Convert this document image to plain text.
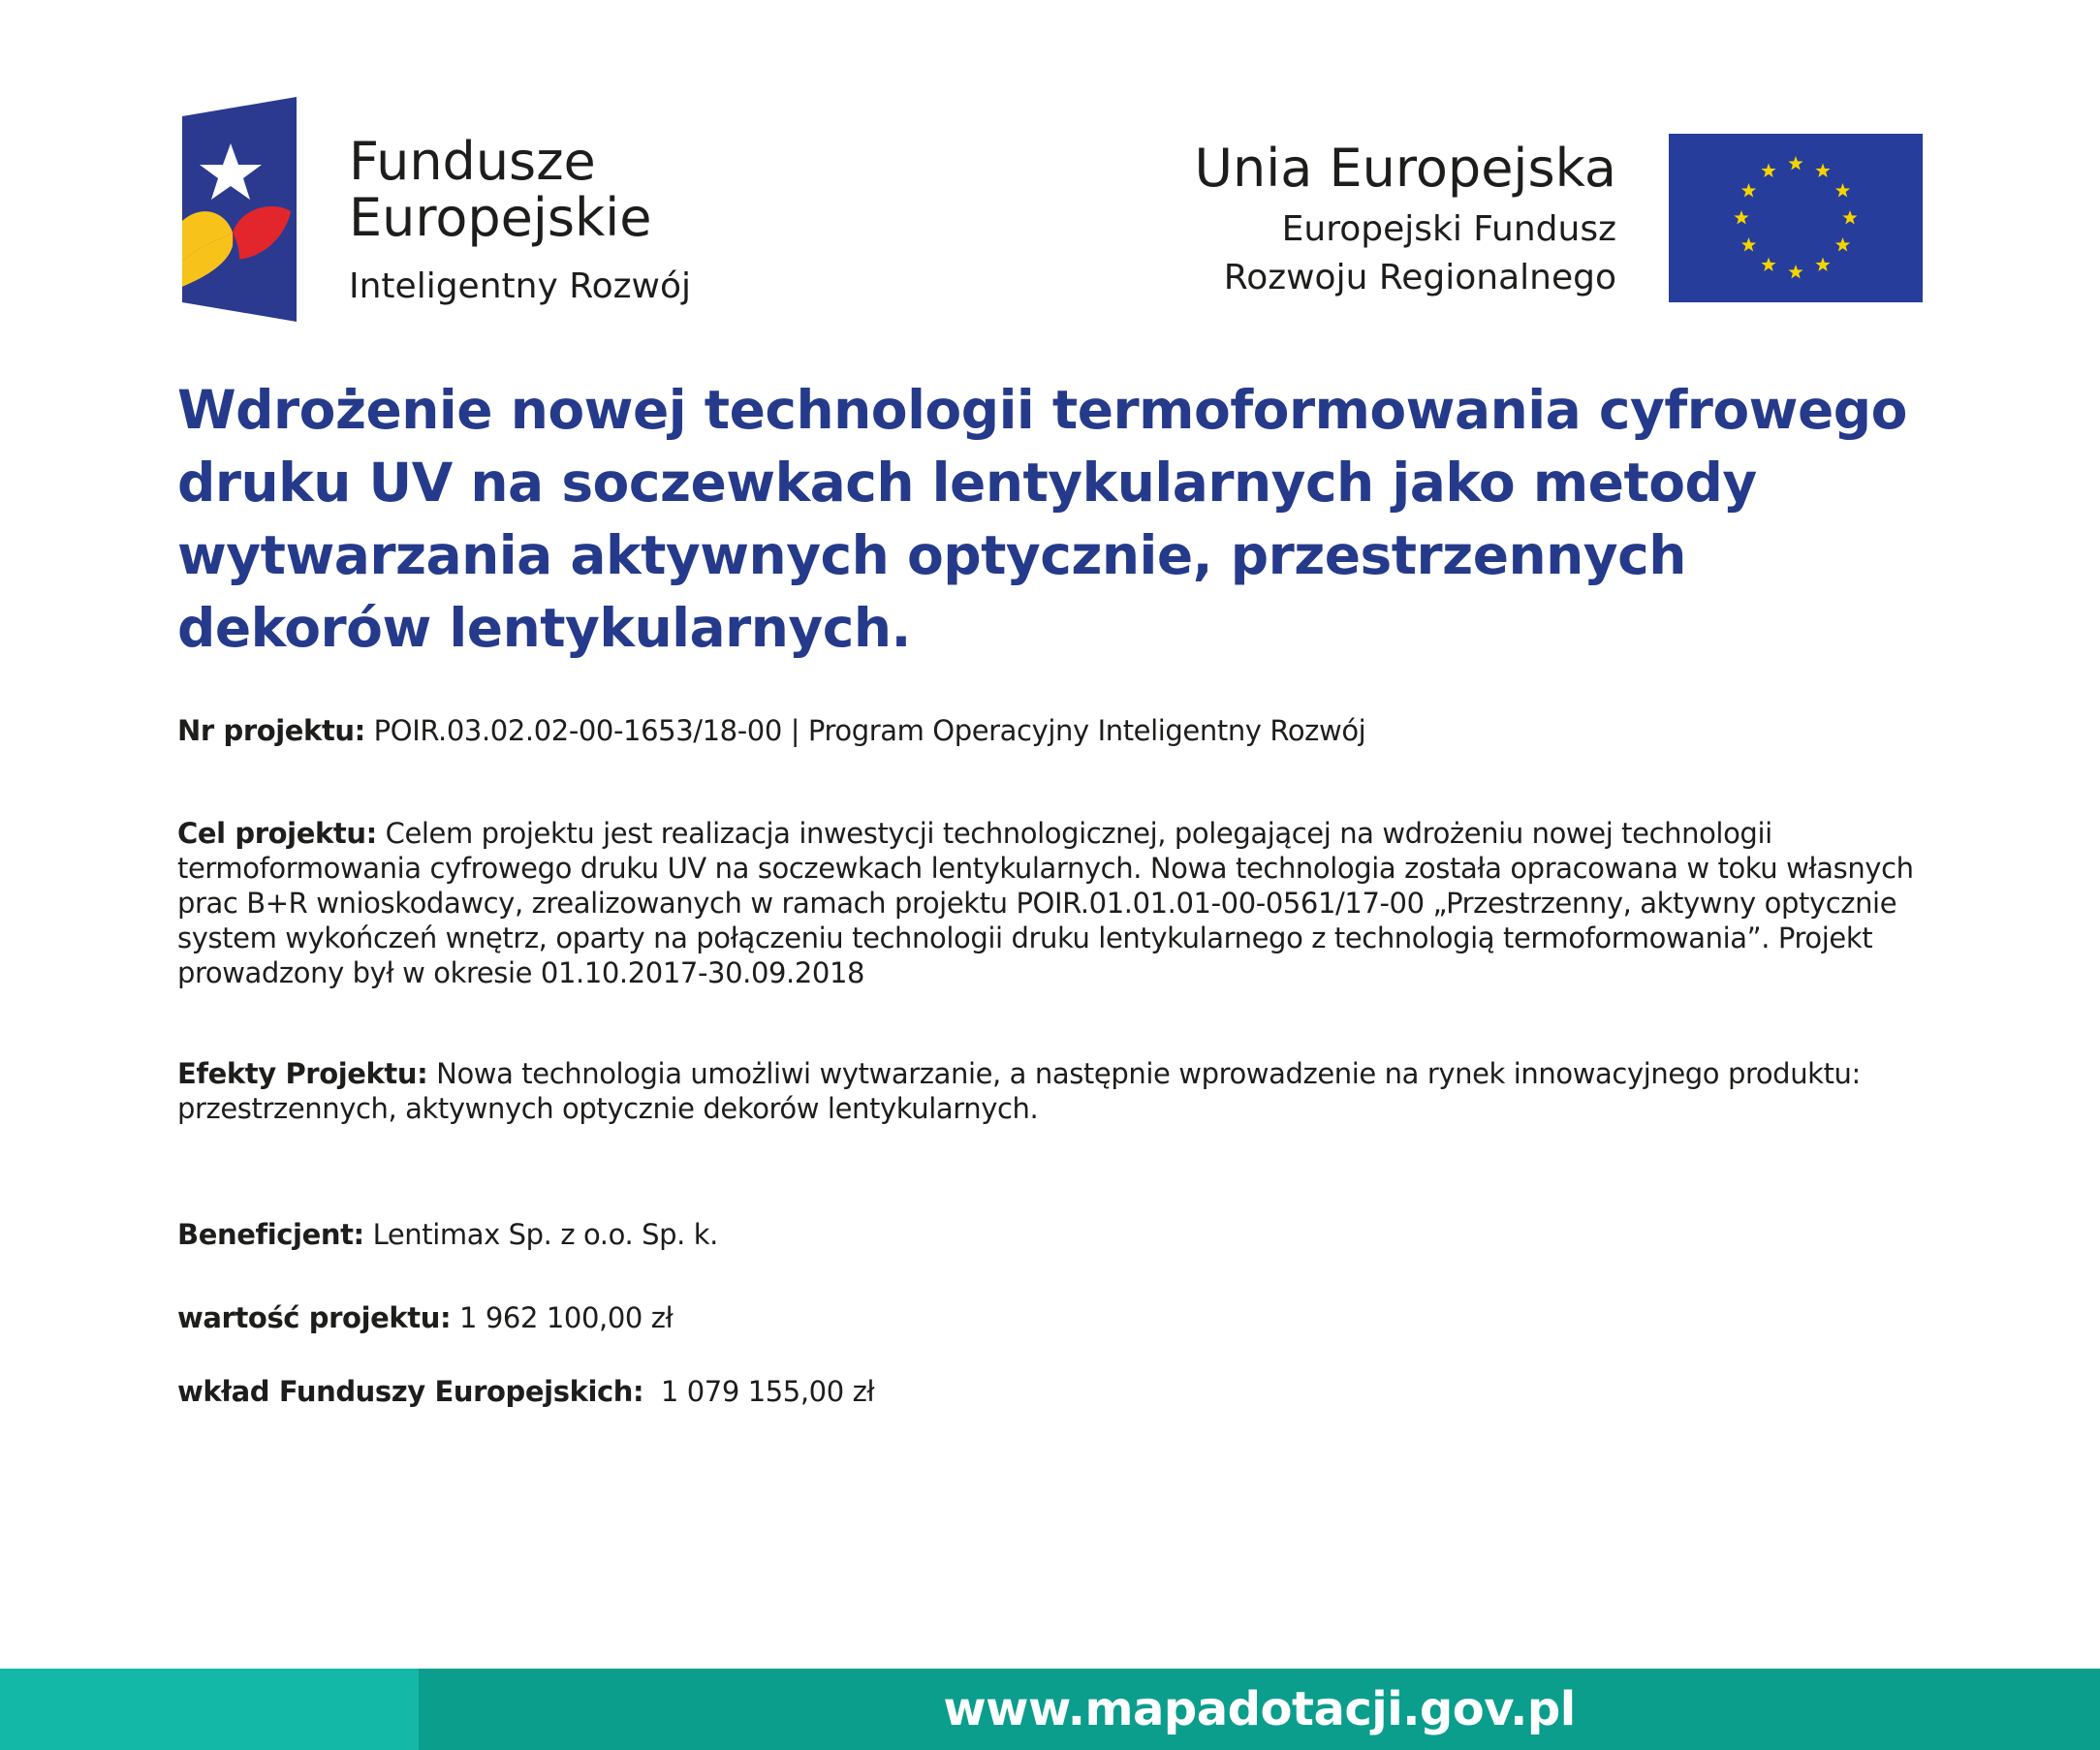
Fundusze
Europejskie
Inteligentny Rozwój
Unia Europejska
Europejski Fundusz
Rozwoju Regionalnego
Wdrożenie nowej technologii termoformowania cyfrowego
druku UV na soczewkach lentykularnych jako metody
wytwarzania aktywnych optycznie, przestrzennych
dekorów lentykularnych.

Nr projektu: POIR.03.02.02-00-1653/18-00 | Program Operacyjny Inteligentny Rozwój

Cel projektu: Celem projektu jest realizacja inwestycji technologicznej, polegającej na wdrożeniu nowej technologii termoformowania cyfrowego druku UV na soczewkach lentykularnych. Nowa technologia została opracowana w toku własnych prac B+R wnioskodawcy, zrealizowanych w ramach projektu POIR.01.01.01-00-0561/17-00 „Przestrzenny, aktywny optycznie system wykończeń wnętrz, oparty na połączeniu technologii druku lentykularnego z technologią termoformowania”. Projekt prowadzony był w okresie 01.10.2017-30.09.2018

Efekty Projektu: Nowa technologia umożliwi wytwarzanie, a następnie wprowadzenie na rynek innowacyjnego produktu: przestrzennych, aktywnych optycznie dekorów lentykularnych.

Beneficjent: Lentimax Sp. z o.o. Sp. k.

wartość projektu: 1 962 100,00 zł

wkład Funduszy Europejskich:  1 079 155,00 zł

www.mapadotacji.gov.pl
